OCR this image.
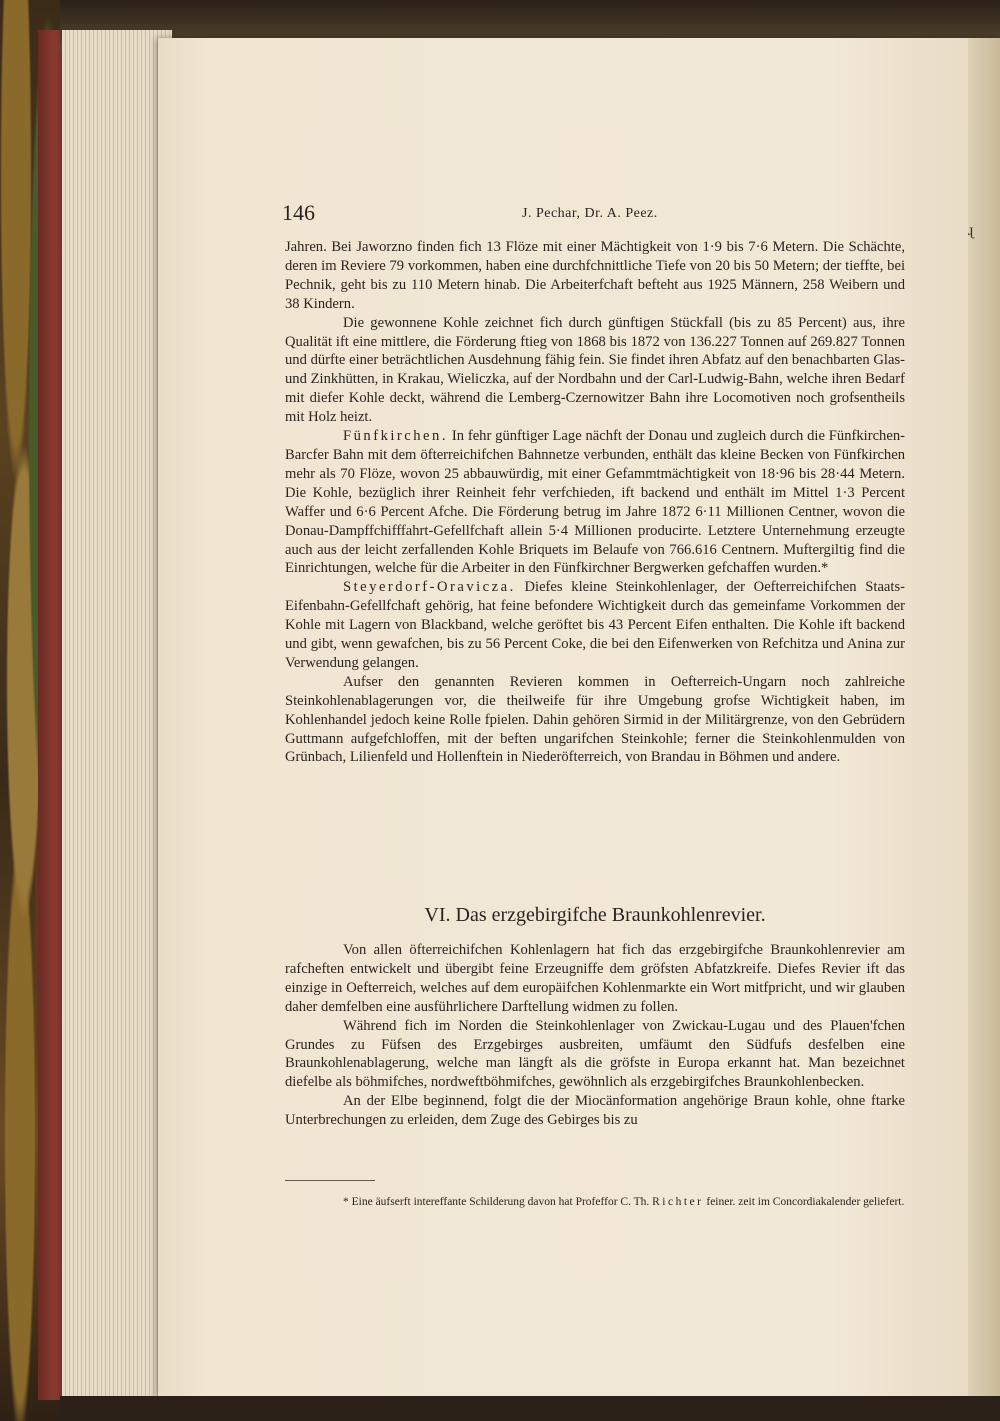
146	J. Pechar, Dr. A. Peez.
ɻ

Jahren. Bei Jaworzno finden fich 13 Flöze mit einer Mächtigkeit von 1·9 bis 7·6 Metern. Die Schächte, deren im Reviere 79 vorkommen, haben eine durchfchnittliche Tiefe von 20 bis 50 Metern; der tieffte, bei Pechnik, geht bis zu 110 Metern hinab. Die Arbeiterfchaft befteht aus 1925 Männern, 258 Weibern und 38 Kindern.

Die gewonnene Kohle zeichnet fich durch günftigen Stückfall (bis zu 85 Percent) aus, ihre Qualität ift eine mittlere, die Förderung ftieg von 1868 bis 1872 von 136.227 Tonnen auf 269.827 Tonnen und dürfte einer beträchtlichen Ausdehnung fähig fein. Sie findet ihren Abfatz auf den benachbarten Glas- und Zinkhütten, in Krakau, Wieliczka, auf der Nordbahn und der Carl-Ludwig-Bahn, welche ihren Bedarf mit diefer Kohle deckt, während die Lemberg-Czernowitzer Bahn ihre Locomotiven noch grofsentheils mit Holz heizt.

Fünfkirchen. In fehr günftiger Lage nächft der Donau und zugleich durch die Fünfkirchen-Barcfer Bahn mit dem öfterreichifchen Bahnnetze verbunden, enthält das kleine Becken von Fünfkirchen mehr als 70 Flöze, wovon 25 abbauwürdig, mit einer Gefammtmächtigkeit von 18·96 bis 28·44 Metern. Die Kohle, bezüglich ihrer Reinheit fehr verfchieden, ift backend und enthält im Mittel 1·3 Percent Waffer und 6·6 Percent Afche. Die Förderung betrug im Jahre 1872 6·11 Millionen Centner, wovon die Donau-Dampffchifffahrt-Gefellfchaft allein 5·4 Millionen producirte. Letztere Unternehmung erzeugte auch aus der leicht zerfallenden Kohle Briquets im Belaufe von 766.616 Centnern. Muftergiltig find die Einrichtungen, welche für die Arbeiter in den Fünfkirchner Bergwerken gefchaffen wurden.*

Steyerdorf-Oravicza. Diefes kleine Steinkohlenlager, der Oefterreichifchen Staats-Eifenbahn-Gefellfchaft gehörig, hat feine befondere Wichtigkeit durch das gemeinfame Vorkommen der Kohle mit Lagern von Blackband, welche geröftet bis 43 Percent Eifen enthalten. Die Kohle ift backend und gibt, wenn gewafchen, bis zu 56 Percent Coke, die bei den Eifenwerken von Refchitza und Anina zur Verwendung gelangen.

Aufser den genannten Revieren kommen in Oefterreich-Ungarn noch zahlreiche Steinkohlenablagerungen vor, die theilweife für ihre Umgebung grofse Wichtigkeit haben, im Kohlenhandel jedoch keine Rolle fpielen. Dahin gehören Sirmid in der Militärgrenze, von den Gebrüdern Guttmann aufgefchloffen, mit der beften ungarifchen Steinkohle; ferner die Steinkohlenmulden von Grünbach, Lilienfeld und Hollenftein in Niederöfterreich, von Brandau in Böhmen und andere.

VI. Das erzgebirgifche Braunkohlenrevier.

Von allen öfterreichifchen Kohlenlagern hat fich das erzgebirgifche Braunkohlenrevier am rafcheften entwickelt und übergibt feine Erzeugniffe dem gröfsten Abfatzkreife. Diefes Revier ift das einzige in Oefterreich, welches auf dem europäifchen Kohlenmarkte ein Wort mitfpricht, und wir glauben daher demfelben eine ausführlichere Darftellung widmen zu follen.

Während fich im Norden die Steinkohlenlager von Zwickau-Lugau und des Plauen'fchen Grundes zu Füfsen des Erzgebirges ausbreiten, umfäumt den Südfufs desfelben eine Braunkohlenablagerung, welche man längft als die gröfste in Europa erkannt hat. Man bezeichnet diefelbe als böhmifches, nordweftböhmifches, gewöhnlich als erzgebirgifches Braunkohlenbecken.

An der Elbe beginnend, folgt die der Miocänformation angehörige Braun kohle, ohne ftarke Unterbrechungen zu erleiden, dem Zuge des Gebirges bis zu

* Eine äufserft intereffante Schilderung davon hat Profeffor C. Th. Richter feiner. zeit im Concordiakalender geliefert.
